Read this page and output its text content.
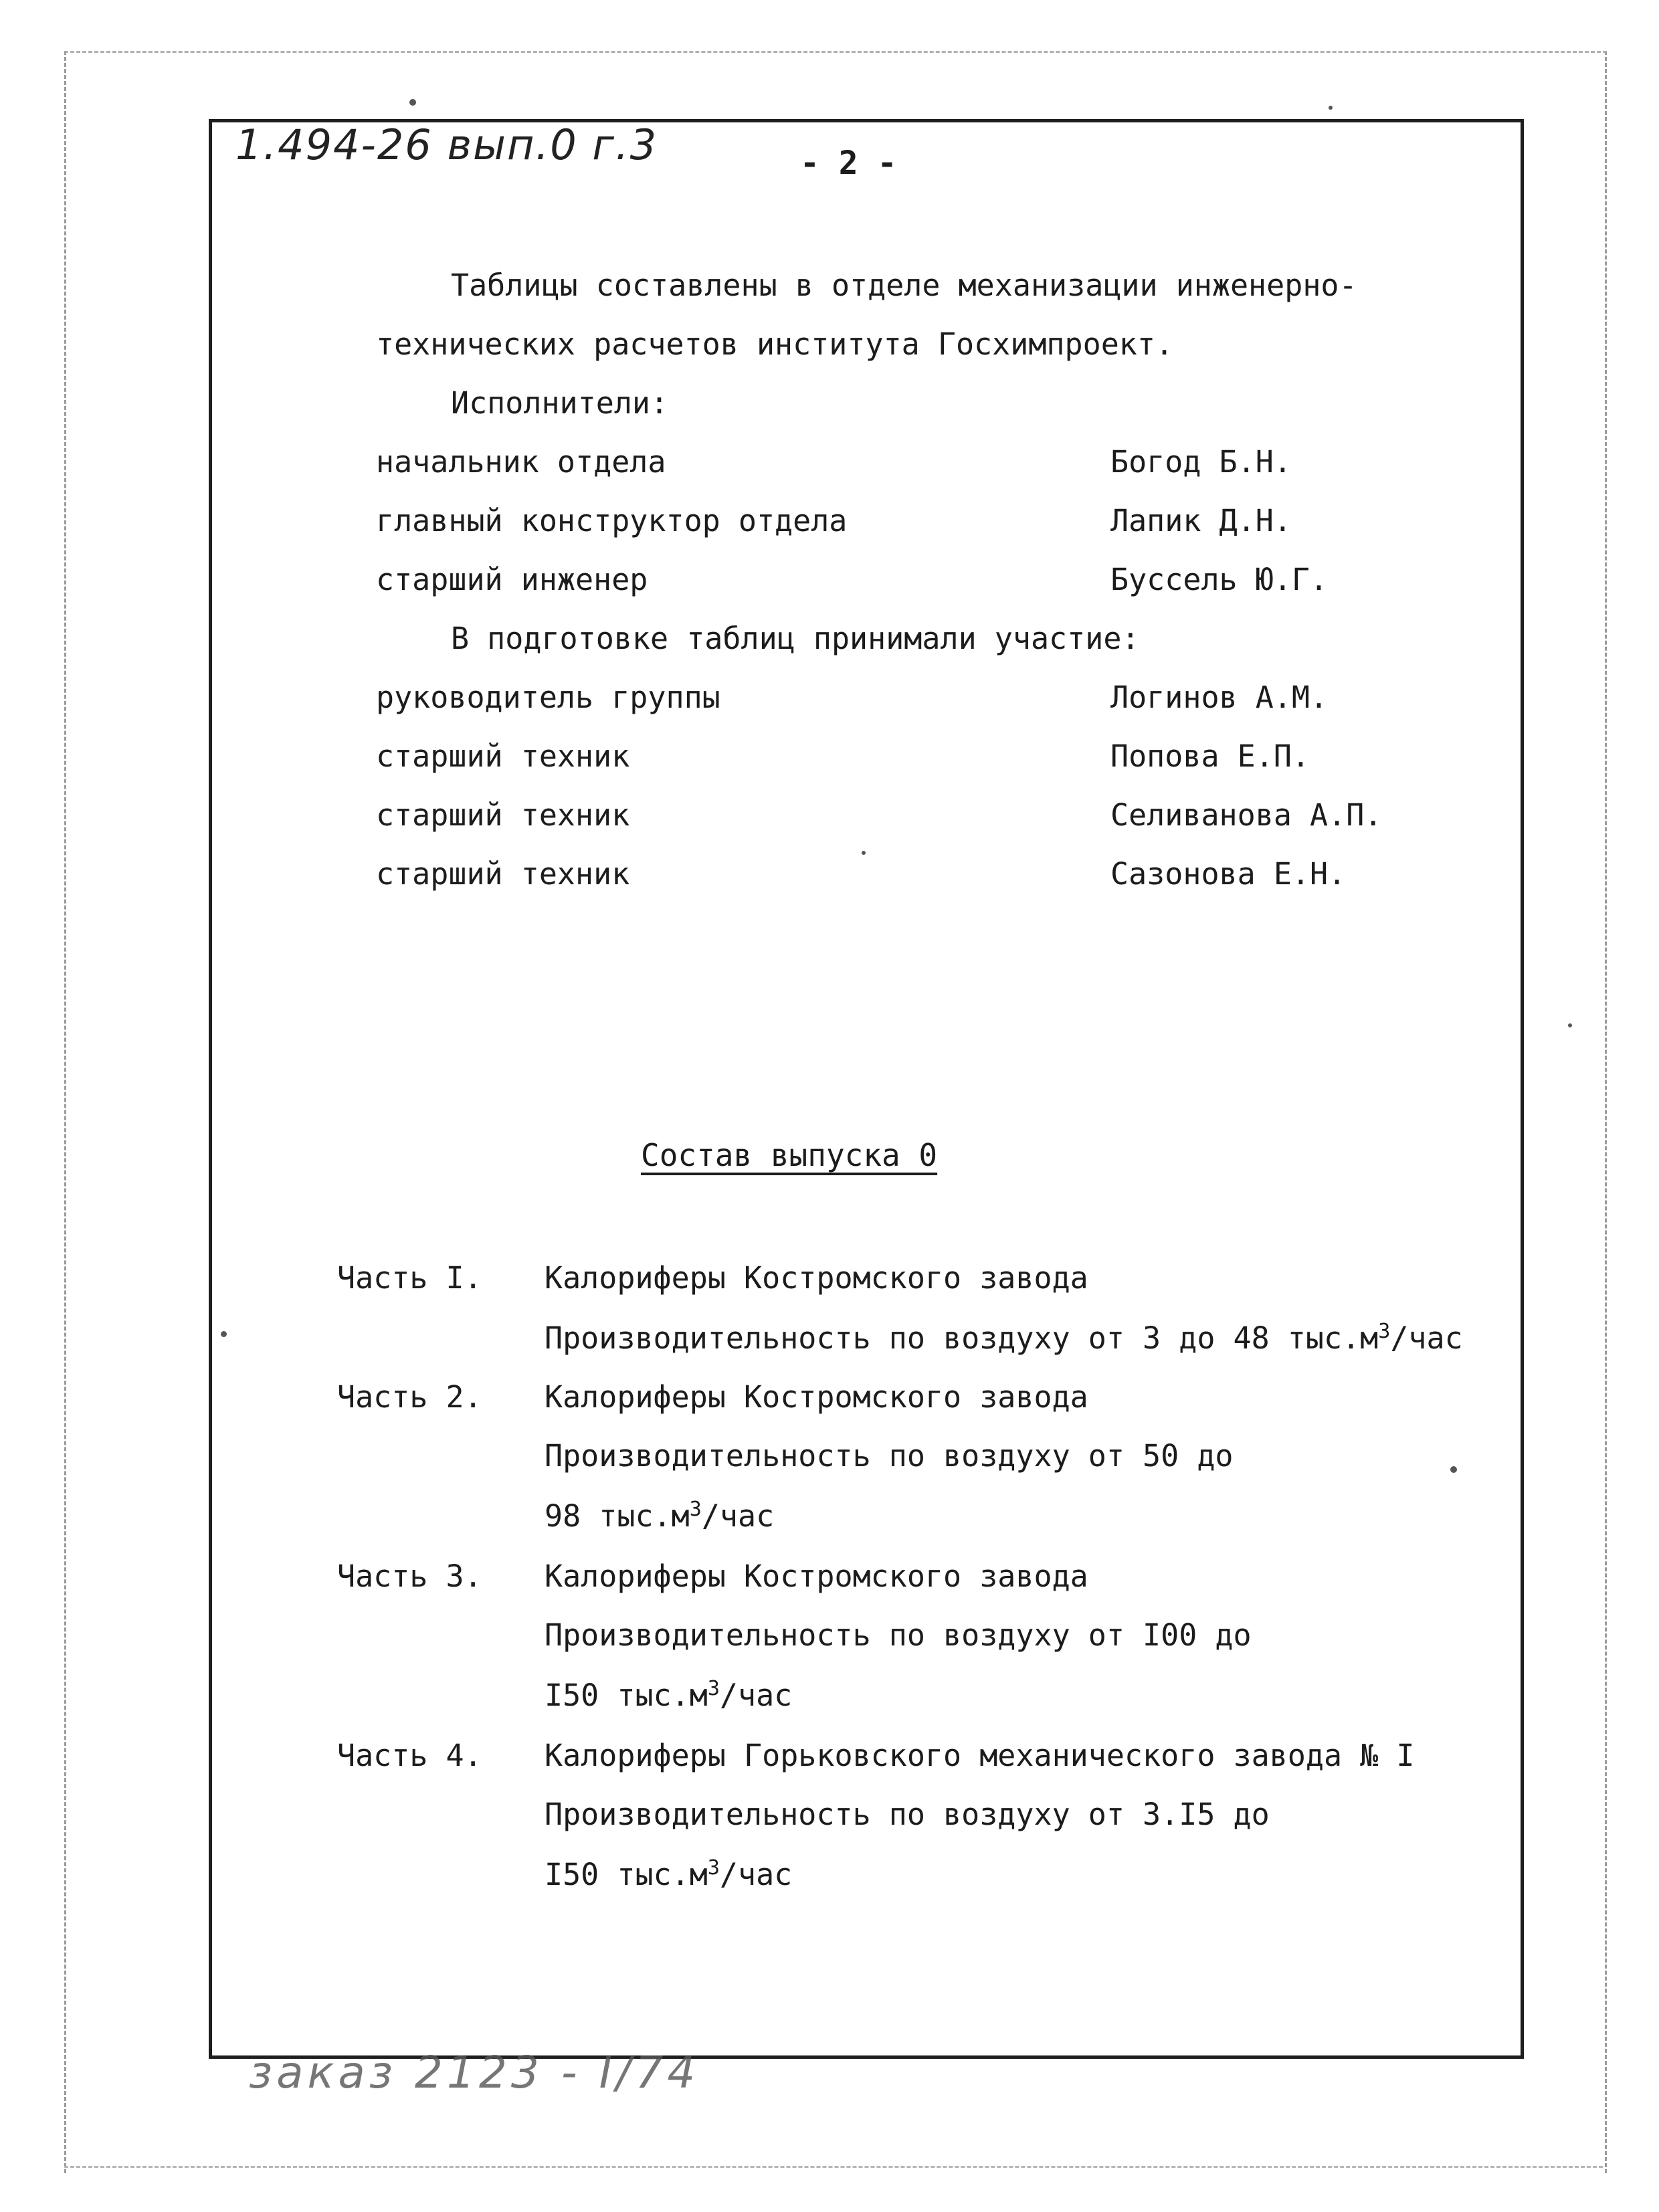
1.494-26 вып.0 г.3	- 2 -
Таблицы составлены в отделе механизации инженерно-
технических расчетов института Госхимпроект.
Исполнители:
начальник отдела	Богод Б.Н.
главный конструктор отдела	Лапик Д.Н.
старший инженер	Буссель Ю.Г.
В подготовке таблиц принимали участие:
руководитель группы	Логинов А.М.
старший техник	Попова Е.П.
старший техник	Селиванова А.П.
старший техник	Сазонова Е.Н.
Состав выпуска 0
Часть I. Калориферы Костромского завода
Производительность по воздуху от 3 до 48 $тыс.м^3$/час
Часть 2. Калориферы Костромского завода
Производительность по воздуху от 50 до
98 $тыс.м^3$/час
Часть 3. Калориферы Костромского завода
Производительность по воздуху от I00 до
I50 $тыс.м^3$/час
Часть 4. Калориферы Горьковского механического завода № I
Производительность по воздуху от 3.I5 до
I50 $тыс.м^3$/час
заказ 2123 - I/74
